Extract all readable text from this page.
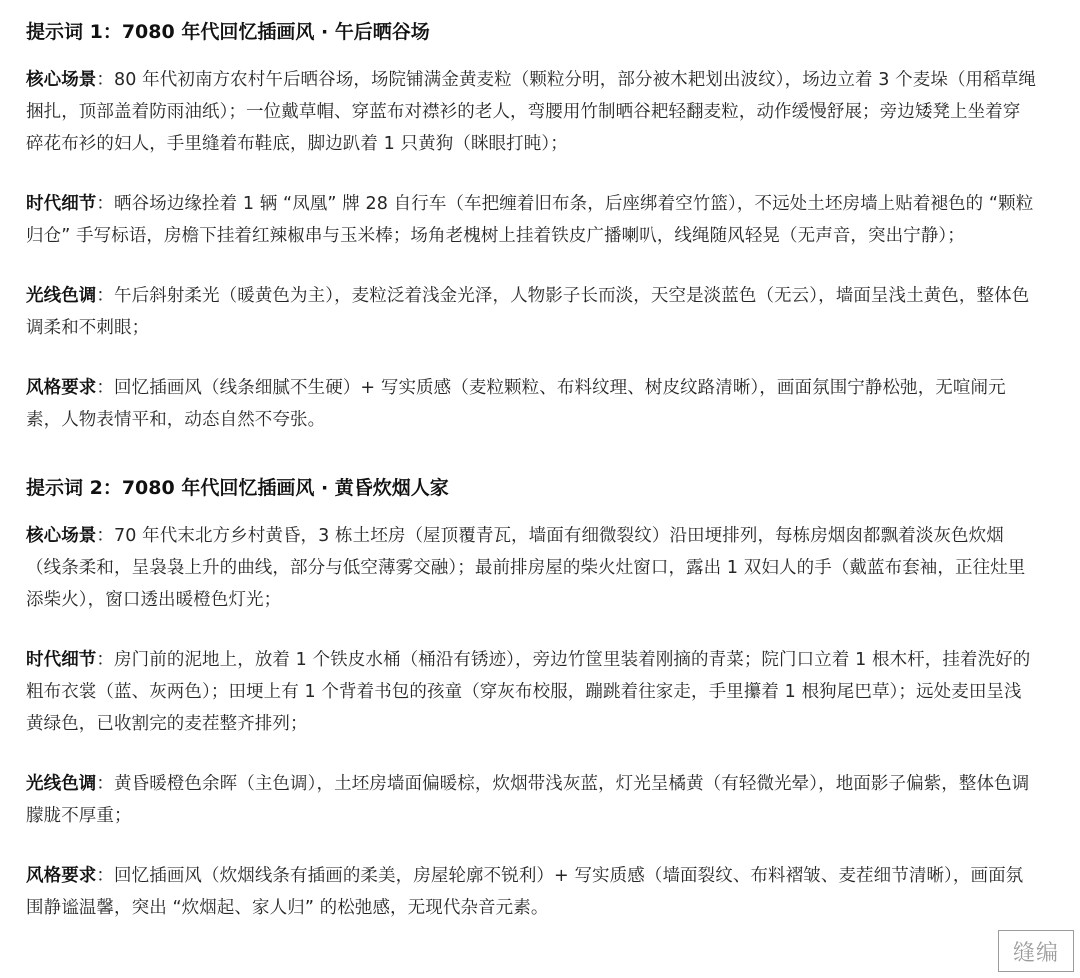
提示词 1：7080 年代回忆插画风 · 午后晒谷场

核心场景：80 年代初南方农村午后晒谷场，场院铺满金黄麦粒（颗粒分明，部分被木耙划出波纹），场边立着 3 个麦垛（用稻草绳捆扎，顶部盖着防雨油纸）；一位戴草帽、穿蓝布对襟衫的老人，弯腰用竹制晒谷耙轻翻麦粒，动作缓慢舒展；旁边矮凳上坐着穿碎花布衫的妇人，手里缝着布鞋底，脚边趴着 1 只黄狗（眯眼打盹）；

时代细节：晒谷场边缘拴着 1 辆 “凤凰” 牌 28 自行车（车把缠着旧布条，后座绑着空竹篮），不远处土坯房墙上贴着褪色的 “颗粒归仓” 手写标语，房檐下挂着红辣椒串与玉米棒；场角老槐树上挂着铁皮广播喇叭，线绳随风轻晃（无声音，突出宁静）；

光线色调：午后斜射柔光（暖黄色为主），麦粒泛着浅金光泽，人物影子长而淡，天空是淡蓝色（无云），墙面呈浅土黄色，整体色调柔和不刺眼；

风格要求：回忆插画风（线条细腻不生硬）+ 写实质感（麦粒颗粒、布料纹理、树皮纹路清晰），画面氛围宁静松弛，无喧闹元素，人物表情平和，动态自然不夸张。

提示词 2：7080 年代回忆插画风 · 黄昏炊烟人家

核心场景：70 年代末北方乡村黄昏，3 栋土坯房（屋顶覆青瓦，墙面有细微裂纹）沿田埂排列，每栋房烟囱都飘着淡灰色炊烟（线条柔和，呈袅袅上升的曲线，部分与低空薄雾交融）；最前排房屋的柴火灶窗口，露出 1 双妇人的手（戴蓝布套袖，正往灶里添柴火），窗口透出暖橙色灯光；

时代细节：房门前的泥地上，放着 1 个铁皮水桶（桶沿有锈迹），旁边竹筐里装着刚摘的青菜；院门口立着 1 根木杆，挂着洗好的粗布衣裳（蓝、灰两色）；田埂上有 1 个背着书包的孩童（穿灰布校服，蹦跳着往家走，手里攥着 1 根狗尾巴草）；远处麦田呈浅黄绿色，已收割完的麦茬整齐排列；

光线色调：黄昏暖橙色余晖（主色调），土坯房墙面偏暖棕，炊烟带浅灰蓝，灯光呈橘黄（有轻微光晕），地面影子偏紫，整体色调朦胧不厚重；

风格要求：回忆插画风（炊烟线条有插画的柔美，房屋轮廓不锐利）+ 写实质感（墙面裂纹、布料褶皱、麦茬细节清晰），画面氛围静谧温馨，突出 “炊烟起、家人归” 的松弛感，无现代杂音元素。

缝编
